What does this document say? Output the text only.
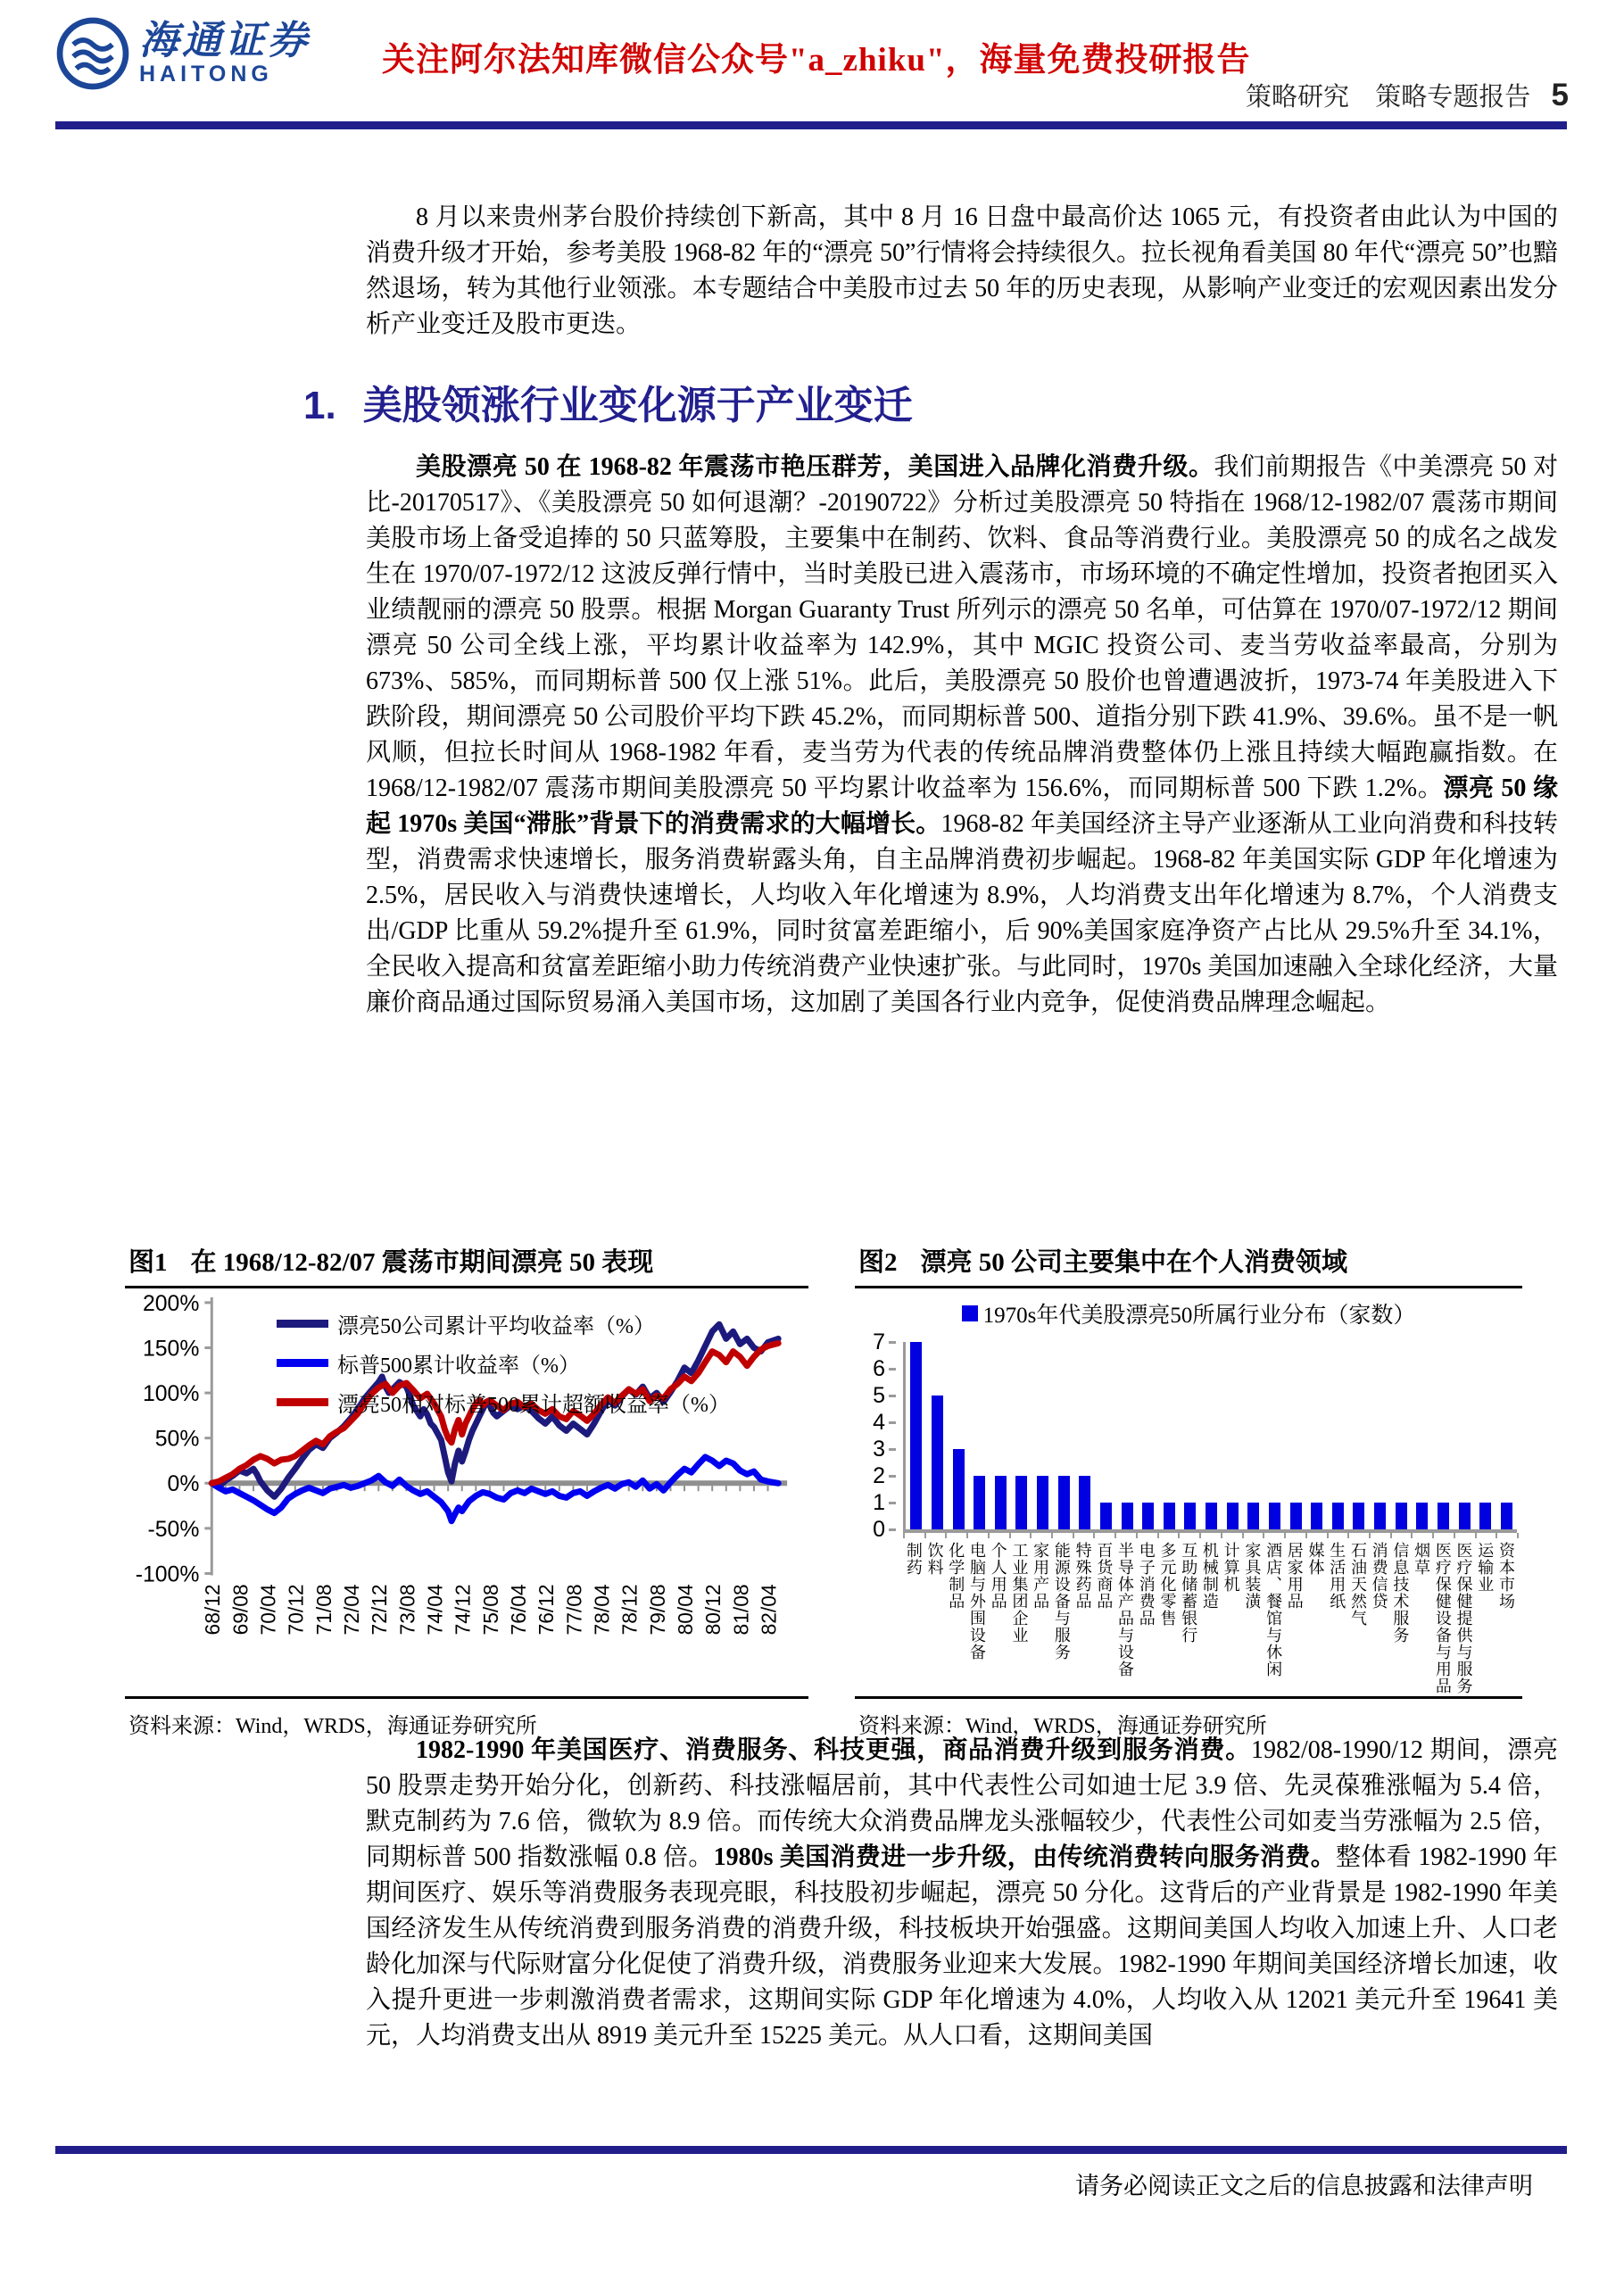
海通证券
HAITONG	关注阿尔法知库微信公众号"a_zhiku"，海量免费投研报告
策略研究 策略专题报告 5

8 月以来贵州茅台股价持续创下新高，其中 8 月 16 日盘中最高价达 1065 元，有投资者由此认为中国的消费升级才开始，参考美股 1968-82 年的“漂亮 50”行情将会持续很久。拉长视角看美国 80 年代“漂亮 50”也黯然退场，转为其他行业领涨。本专题结合中美股市过去 50 年的历史表现，从影响产业变迁的宏观因素出发分析产业变迁及股市更迭。

1. 美股领涨行业变化源于产业变迁

美股漂亮 50 在 1968-82 年震荡市艳压群芳，美国进入品牌化消费升级。我们前期报告《中美漂亮 50 对比-20170517》、《美股漂亮 50 如何退潮？-20190722》分析过美股漂亮 50 特指在 1968/12-1982/07 震荡市期间美股市场上备受追捧的 50 只蓝筹股，主要集中在制药、饮料、食品等消费行业。美股漂亮 50 的成名之战发生在 1970/07-1972/12 这波反弹行情中，当时美股已进入震荡市，市场环境的不确定性增加，投资者抱团买入业绩靓丽的漂亮 50 股票。根据 Morgan Guaranty Trust 所列示的漂亮 50 名单，可估算在 1970/07-1972/12 期间漂亮 50 公司全线上涨，平均累计收益率为 142.9%，其中 MGIC 投资公司、麦当劳收益率最高，分别为 673%、585%，而同期标普 500 仅上涨 51%。此后，美股漂亮 50 股价也曾遭遇波折，1973-74 年美股进入下跌阶段，期间漂亮 50 公司股价平均下跌 45.2%，而同期标普 500、道指分别下跌 41.9%、39.6%。虽不是一帆风顺，但拉长时间从 1968-1982 年看，麦当劳为代表的传统品牌消费整体仍上涨且持续大幅跑赢指数。在 1968/12-1982/07 震荡市期间美股漂亮 50 平均累计收益率为 156.6%，而同期标普 500 下跌 1.2%。漂亮 50 缘起 1970s 美国“滞胀”背景下的消费需求的大幅增长。1968-82 年美国经济主导产业逐渐从工业向消费和科技转型，消费需求快速增长，服务消费崭露头角，自主品牌消费初步崛起。1968-82 年美国实际 GDP 年化增速为 2.5%，居民收入与消费快速增长，人均收入年化增速为 8.9%，人均消费支出年化增速为 8.7%，个人消费支出/GDP 比重从 59.2%提升至 61.9%，同时贫富差距缩小，后 90%美国家庭净资产占比从 29.5%升至 34.1%，全民收入提高和贫富差距缩小助力传统消费产业快速扩张。与此同时，1970s 美国加速融入全球化经济，大量廉价商品通过国际贸易涌入美国市场，这加剧了美国各行业内竞争，促使消费品牌理念崛起。

图1 在 1968/12-82/07 震荡市期间漂亮 50 表现
200%
150%
100%
50%
0%
-50%
-100%
68/12 69/08 70/04 70/12 71/08 72/04 72/12 73/08 74/04 74/12 75/08 76/04 76/12 77/08 78/04 78/12 79/08 80/04 80/12 81/08 82/04
漂亮50公司累计平均收益率（%）
标普500累计收益率（%）
漂亮50相对标普500累计超额收益率（%）
资料来源：Wind，WRDS，海通证券研究所
图2 漂亮 50 公司主要集中在个人消费领域
1970s年代美股漂亮50所属行业分布（家数）
0
1
2
3
4
5
6
7
制药 饮料 化学制品 电脑与外围设备 个人用品 工业集团企业 家用产品 能源设备与服务 特殊药品 百货商品 半导体产品与设备 电子消费品 多元化零售 互助储蓄银行 机械制造 计算机 家具装潢 酒店、餐馆与休闲 居家用品 媒体 生活用纸 石油天然气 消费信贷 信息技术服务 烟草 医疗保健设备与用品 医疗保健提供与服务 运输业 资本市场
资料来源：Wind，WRDS，海通证券研究所

1982-1990 年美国医疗、消费服务、科技更强，商品消费升级到服务消费。1982/08-1990/12 期间，漂亮 50 股票走势开始分化，创新药、科技涨幅居前，其中代表性公司如迪士尼 3.9 倍、先灵葆雅涨幅为 5.4 倍，默克制药为 7.6 倍，微软为 8.9 倍。而传统大众消费品牌龙头涨幅较少，代表性公司如麦当劳涨幅为 2.5 倍，同期标普 500 指数涨幅 0.8 倍。1980s 美国消费进一步升级，由传统消费转向服务消费。整体看 1982-1990 年期间医疗、娱乐等消费服务表现亮眼，科技股初步崛起，漂亮 50 分化。这背后的产业背景是 1982-1990 年美国经济发生从传统消费到服务消费的消费升级，科技板块开始强盛。这期间美国人均收入加速上升、人口老龄化加深与代际财富分化促使了消费升级，消费服务业迎来大发展。1982-1990 年期间美国经济增长加速，收入提升更进一步刺激消费者需求，这期间实际 GDP 年化增速为 4.0%，人均收入从 12021 美元升至 19641 美元，人均消费支出从 8919 美元升至 15225 美元。从人口看，这期间美国

请务必阅读正文之后的信息披露和法律声明
